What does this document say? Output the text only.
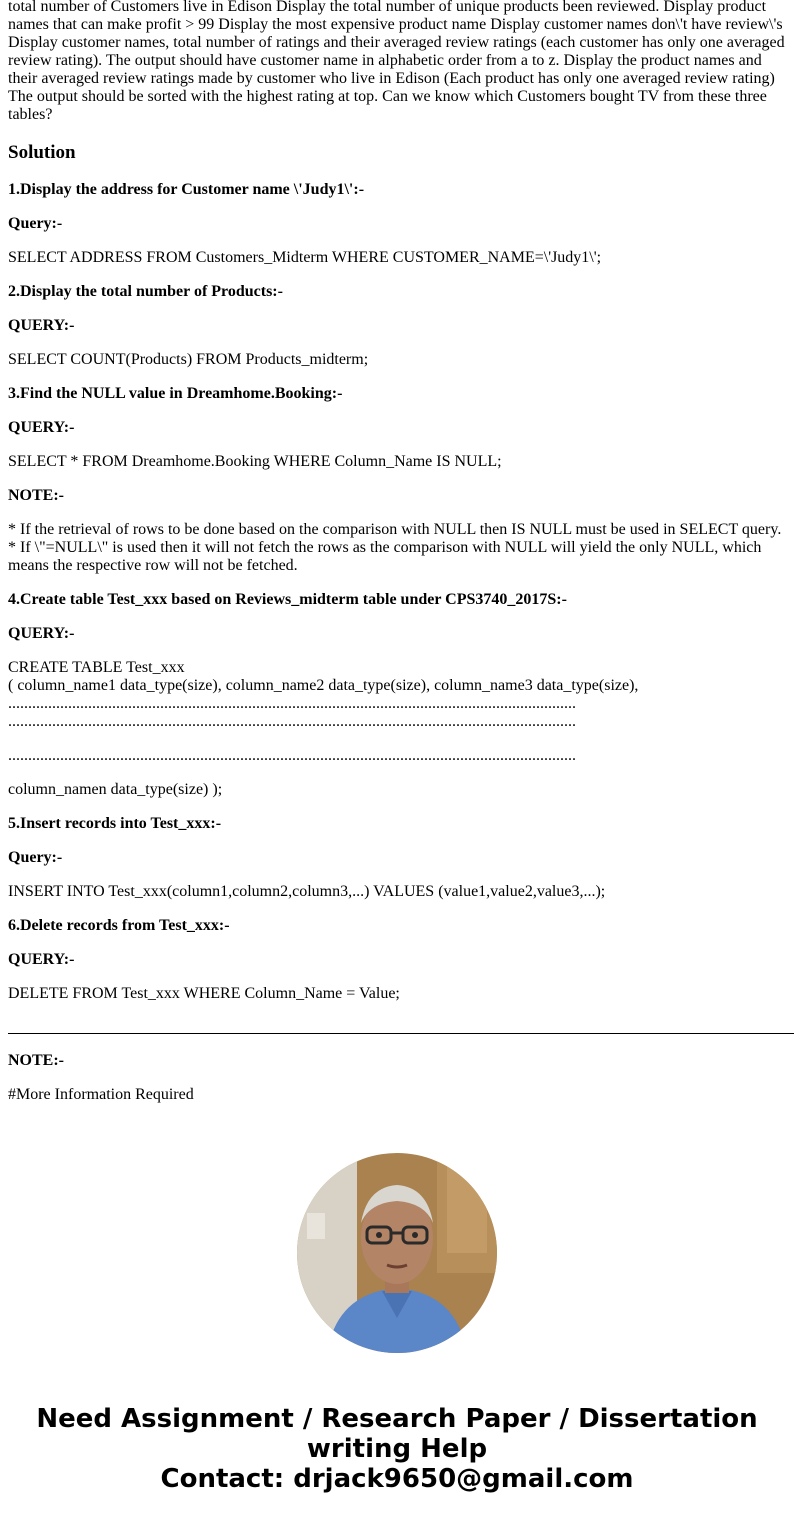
total number of Customers live in Edison Display the total number of unique products been reviewed. Display product names that can make profit > 99 Display the most expensive product name Display customer names don\'t have review\'s Display customer names, total number of ratings and their averaged review ratings (each customer has only one averaged review rating). The output should have customer name in alphabetic order from a to z. Display the product names and their averaged review ratings made by customer who live in Edison (Each product has only one averaged review rating) The output should be sorted with the highest rating at top. Can we know which Customers bought TV from these three tables?
Solution

1.Display the address for Customer name \'Judy1\':-

Query:-

SELECT ADDRESS FROM Customers_Midterm WHERE CUSTOMER_NAME=\'Judy1\';

2.Display the total number of Products:-

QUERY:-

SELECT COUNT(Products) FROM Products_midterm;

3.Find the NULL value in Dreamhome.Booking:-

QUERY:-

SELECT * FROM Dreamhome.Booking WHERE Column_Name IS NULL;

NOTE:-

* If the retrieval of rows to be done based on the comparison with NULL then IS NULL must be used in SELECT query.
* If \"=NULL\" is used then it will not fetch the rows as the comparison with NULL will yield the only NULL, which means the respective row will not be fetched.

4.Create table Test_xxx based on Reviews_midterm table under CPS3740_2017S:-

QUERY:-

CREATE TABLE Test_xxx
( column_name1 data_type(size), column_name2 data_type(size), column_name3 data_type(size),
..............................................................................................................................................
..............................................................................................................................................
..............................................................................................................................................

column_namen data_type(size) );

5.Insert records into Test_xxx:-

Query:-

INSERT INTO Test_xxx(column1,column2,column3,...) VALUES (value1,value2,value3,...);

6.Delete records from Test_xxx:-

QUERY:-

DELETE FROM Test_xxx WHERE Column_Name = Value;

NOTE:-

#More Information Required

Need Assignment / Research Paper / Dissertation
writing Help
Contact: drjack9650@gmail.com
